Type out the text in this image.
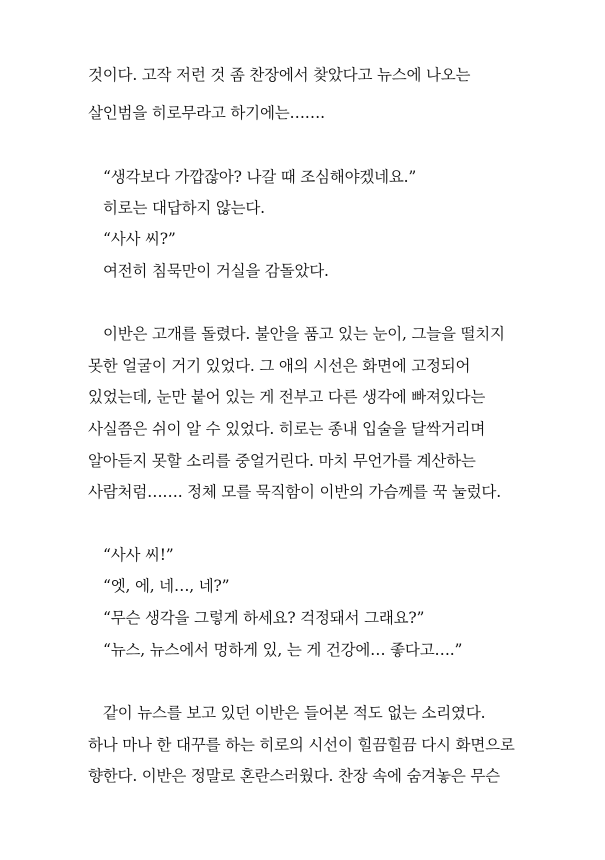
것이다. 고작 저런 것 좀 찬장에서 찾았다고 뉴스에 나오는
살인범을 히로무라고 하기에는…….
“생각보다 가깝잖아? 나갈 때 조심해야겠네요.”
히로는 대답하지 않는다.
“사사 씨?”
여전히 침묵만이 거실을 감돌았다.
이반은 고개를 돌렸다. 불안을 품고 있는 눈이, 그늘을 떨치지
못한 얼굴이 거기 있었다. 그 애의 시선은 화면에 고정되어
있었는데, 눈만 붙어 있는 게 전부고 다른 생각에 빠져있다는
사실쯤은 쉬이 알 수 있었다. 히로는 종내 입술을 달싹거리며
알아듣지 못할 소리를 중얼거린다. 마치 무언가를 계산하는
사람처럼……. 정체 모를 묵직함이 이반의 가슴께를 꾹 눌렀다.
“사사 씨!”
“엣, 에, 네…, 네?”
“무슨 생각을 그렇게 하세요? 걱정돼서 그래요?”
“뉴스, 뉴스에서 멍하게 있, 는 게 건강에… 좋다고….”
같이 뉴스를 보고 있던 이반은 들어본 적도 없는 소리였다.
하나 마나 한 대꾸를 하는 히로의 시선이 힐끔힐끔 다시 화면으로
향한다. 이반은 정말로 혼란스러웠다. 찬장 속에 숨겨놓은 무슨
